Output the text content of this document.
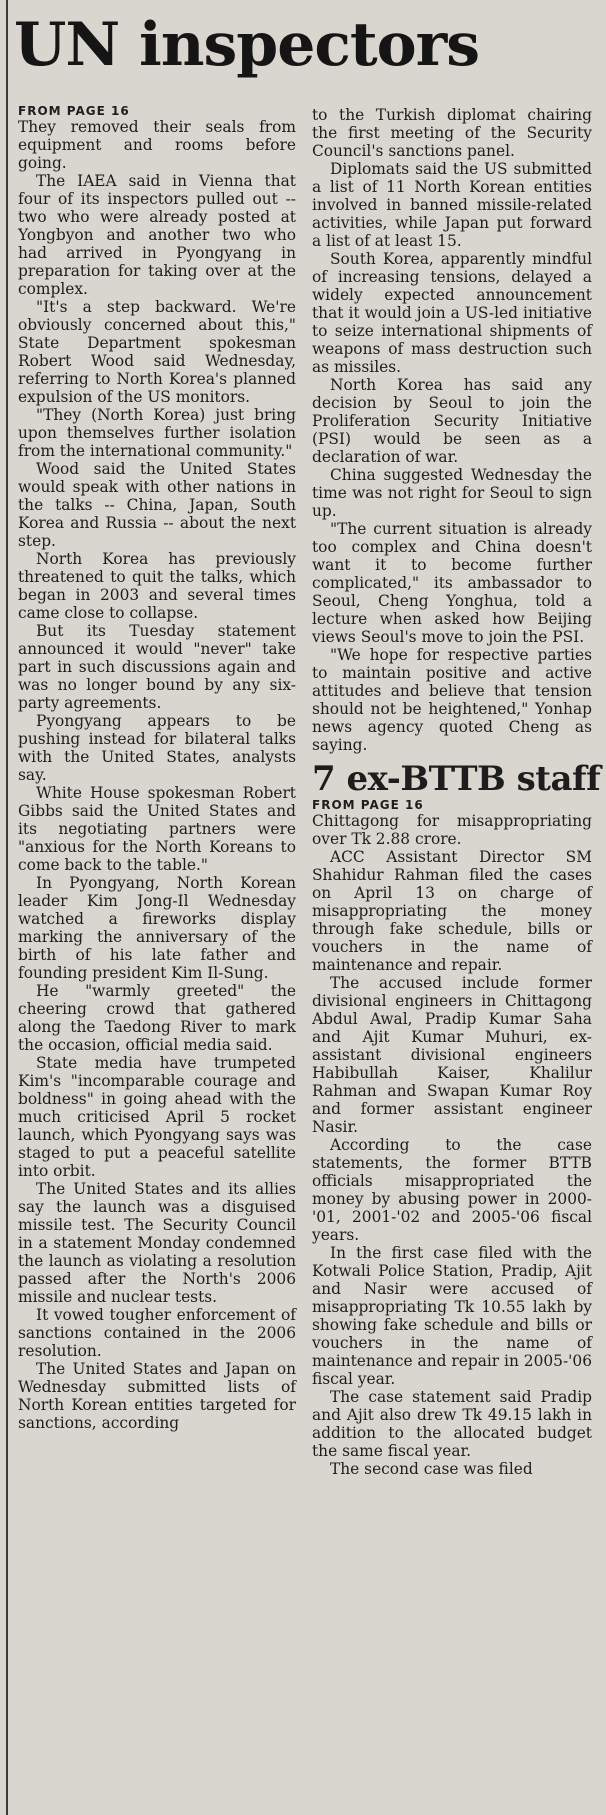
UN inspectors

FROM PAGE 16

They removed their seals from equipment and rooms before going.

The IAEA said in Vienna that four of its inspectors pulled out -- two who were already posted at Yongbyon and another two who had arrived in Pyongyang in preparation for taking over at the complex.

"It's a step backward. We're obviously concerned about this," State Department spokesman Robert Wood said Wednesday, referring to North Korea's planned expulsion of the US monitors.

"They (North Korea) just bring upon themselves further isolation from the international community."

Wood said the United States would speak with other nations in the talks -- China, Japan, South Korea and Russia -- about the next step.

North Korea has previously threatened to quit the talks, which began in 2003 and several times came close to collapse.

But its Tuesday statement announced it would "never" take part in such discussions again and was no longer bound by any six-party agreements.

Pyongyang appears to be pushing instead for bilateral talks with the United States, analysts say.

White House spokesman Robert Gibbs said the United States and its negotiating partners were "anxious for the North Koreans to come back to the table."

In Pyongyang, North Korean leader Kim Jong-Il Wednesday watched a fireworks display marking the anniversary of the birth of his late father and founding president Kim Il-Sung.

He "warmly greeted" the cheering crowd that gathered along the Taedong River to mark the occasion, official media said.

State media have trumpeted Kim's "incomparable courage and boldness" in going ahead with the much criticised April 5 rocket launch, which Pyongyang says was staged to put a peaceful satellite into orbit.

The United States and its allies say the launch was a disguised missile test. The Security Council in a statement Monday condemned the launch as violating a resolution passed after the North's 2006 missile and nuclear tests.

It vowed tougher enforcement of sanctions contained in the 2006 resolution.

The United States and Japan on Wednesday submitted lists of North Korean entities targeted for sanctions, according

to the Turkish diplomat chairing the first meeting of the Security Council's sanctions panel.

Diplomats said the US submitted a list of 11 North Korean entities involved in banned missile-related activities, while Japan put forward a list of at least 15.

South Korea, apparently mindful of increasing tensions, delayed a widely expected announcement that it would join a US-led initiative to seize international shipments of weapons of mass destruction such as missiles.

North Korea has said any decision by Seoul to join the Proliferation Security Initiative (PSI) would be seen as a declaration of war.

China suggested Wednesday the time was not right for Seoul to sign up.

"The current situation is already too complex and China doesn't want it to become further complicated," its ambassador to Seoul, Cheng Yonghua, told a lecture when asked how Beijing views Seoul's move to join the PSI.

"We hope for respective parties to maintain positive and active attitudes and believe that tension should not be heightened," Yonhap news agency quoted Cheng as saying.

7 ex-BTTB staff

FROM PAGE 16

Chittagong for misappropriating over Tk 2.88 crore.

ACC Assistant Director SM Shahidur Rahman filed the cases on April 13 on charge of misappropriating the money through fake schedule, bills or vouchers in the name of maintenance and repair.

The accused include former divisional engineers in Chittagong Abdul Awal, Pradip Kumar Saha and Ajit Kumar Muhuri, ex-assistant divisional engineers Habibullah Kaiser, Khalilur Rahman and Swapan Kumar Roy and former assistant engineer Nasir.

According to the case statements, the former BTTB officials misappropriated the money by abusing power in 2000-'01, 2001-'02 and 2005-'06 fiscal years.

In the first case filed with the Kotwali Police Station, Pradip, Ajit and Nasir were accused of misappropriating Tk 10.55 lakh by showing fake schedule and bills or vouchers in the name of maintenance and repair in 2005-'06 fiscal year.

The case statement said Pradip and Ajit also drew Tk 49.15 lakh in addition to the allocated budget the same fiscal year.

The second case was filed
